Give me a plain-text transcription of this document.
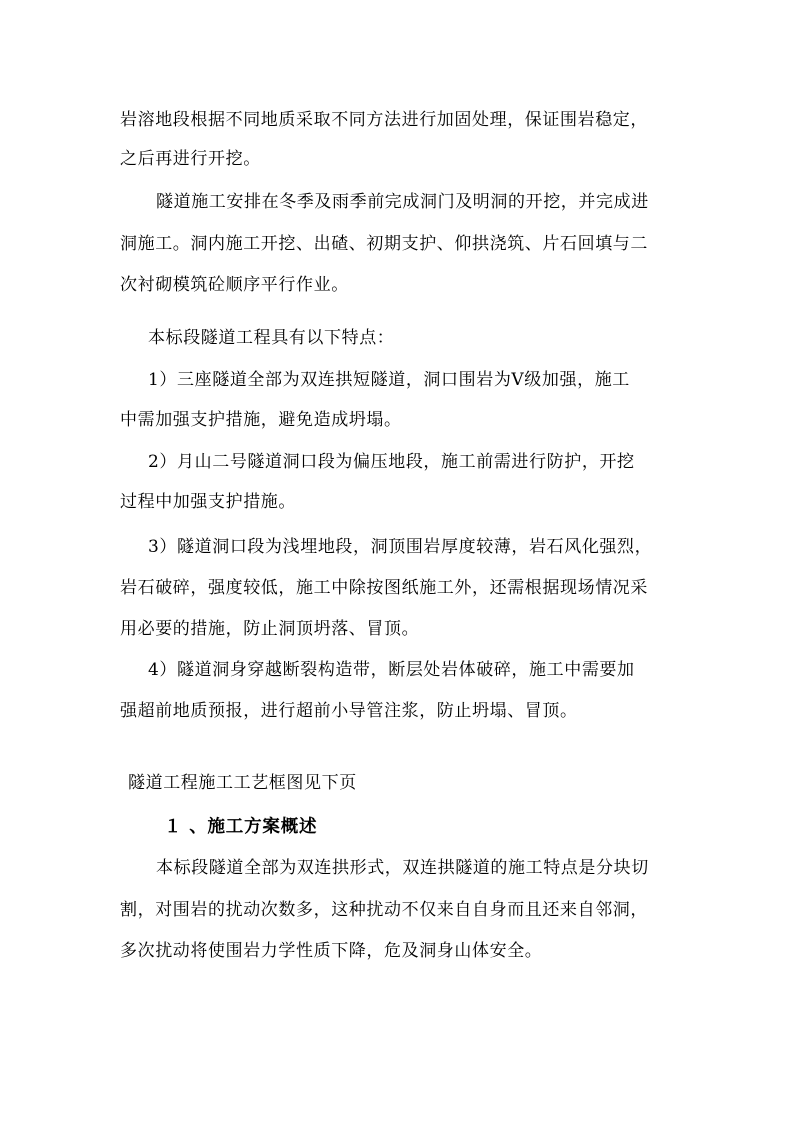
岩溶地段根据不同地质采取不同方法进行加固处理，保证围岩稳定，
之后再进行开挖。
隧道施工安排在冬季及雨季前完成洞门及明洞的开挖，并完成进
洞施工。洞内施工开挖、出碴、初期支护、仰拱浇筑、片石回填与二
次衬砌模筑砼顺序平行作业。
本标段隧道工程具有以下特点：
1）三座隧道全部为双连拱短隧道，洞口围岩为Ⅴ级加强，施工
中需加强支护措施，避免造成坍塌。
2）月山二号隧道洞口段为偏压地段，施工前需进行防护，开挖
过程中加强支护措施。
3）隧道洞口段为浅埋地段，洞顶围岩厚度较薄，岩石风化强烈，
岩石破碎，强度较低，施工中除按图纸施工外，还需根据现场情况采
用必要的措施，防止洞顶坍落、冒顶。
4）隧道洞身穿越断裂构造带，断层处岩体破碎，施工中需要加
强超前地质预报，进行超前小导管注浆，防止坍塌、冒顶。
隧道工程施工工艺框图见下页
１ 、施工方案概述
本标段隧道全部为双连拱形式，双连拱隧道的施工特点是分块切
割，对围岩的扰动次数多，这种扰动不仅来自自身而且还来自邻洞，
多次扰动将使围岩力学性质下降，危及洞身山体安全。
